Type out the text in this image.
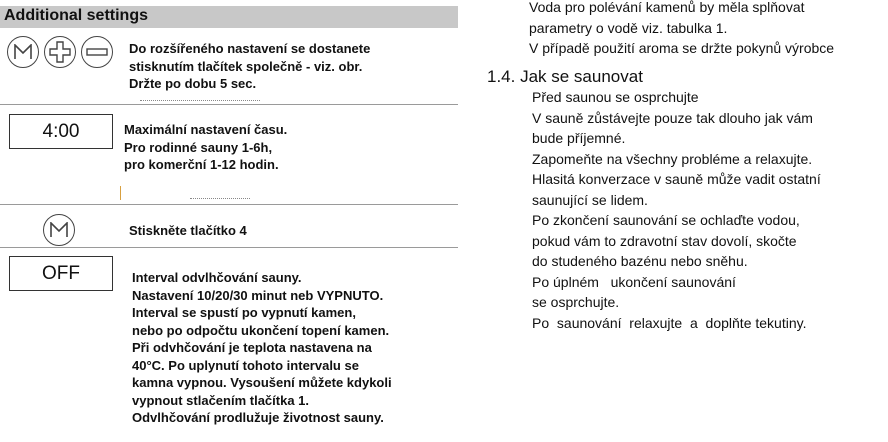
Additional settings
Do rozšířeného nastavení se dostanete
stisknutím tlačítek společně - viz. obr.
Držte po dobu 5 sec.
4:00	Maximální nastavení času.
Pro rodinné sauny 1-6h,
pro komerční 1-12 hodin.
Stiskněte tlačítko 4
OFF	Interval odvlhčování sauny.
Nastavení 10/20/30 minut neb VYPNUTO.
Interval se spustí po vypnutí kamen,
nebo po odpočtu ukončení topení kamen.
Při odvhčování je teplota nastavena na
40°C. Po uplynutí tohoto intervalu se
kamna vypnou. Vysoušení můžete kdykoli
vypnout stlačením tlačítka 1.
Odvlhčování prodlužuje životnost sauny.
Voda pro polévání kamenů by měla splňovat
parametry o vodě viz. tabulka 1.
V případě použití aroma se držte pokynů výrobce
1.4. Jak se saunovat
Před saunou se osprchujte
V sauně zůstávejte pouze tak dlouho jak vám
bude příjemné.
Zapomeňte na všechny probléme a relaxujte.
Hlasitá konverzace v sauně může vadit ostatní
saunující se lidem.
Po zkončení saunování se ochlaďte vodou,
pokud vám to zdravotní stav dovolí, skočte
do studeného bazénu nebo sněhu.
Po úplném   ukončení saunování
se osprchujte.
Po  saunování  relaxujte  a  doplňte tekutiny.
